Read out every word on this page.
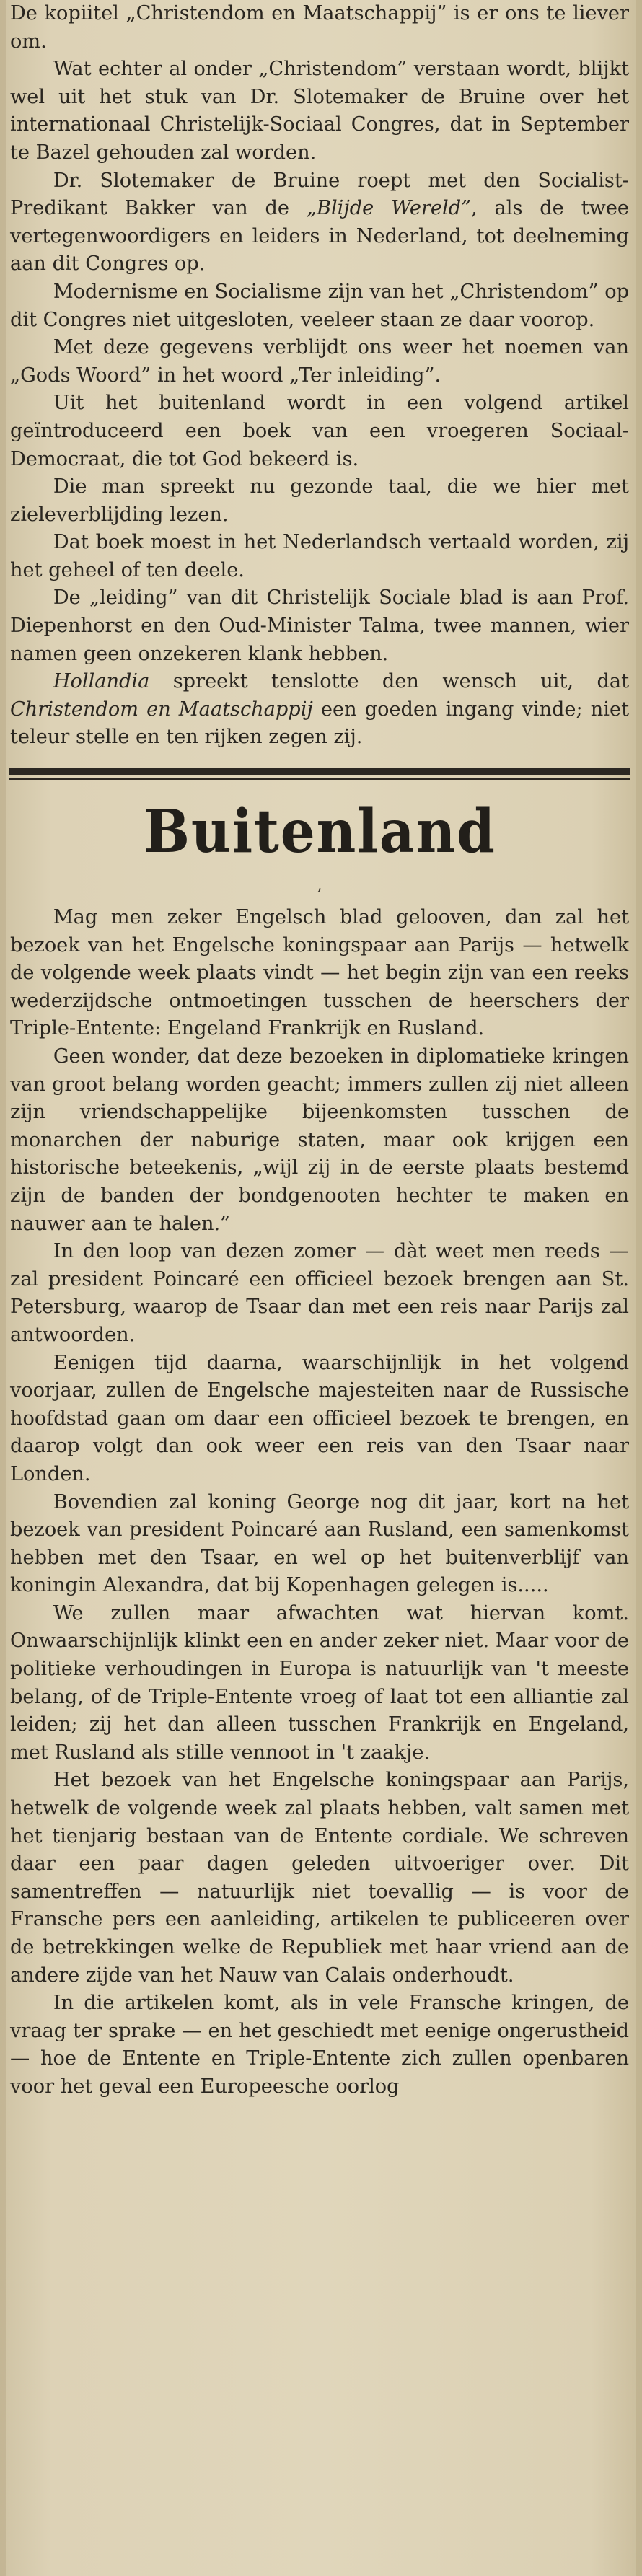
De kopiitel „Christendom en Maatschappij” is er ons te liever om.

Wat echter al onder „Christendom” verstaan wordt, blijkt wel uit het stuk van Dr. Slotemaker de Bruine over het internationaal Christelijk-Sociaal Congres, dat in September te Bazel gehouden zal worden.

Dr. Slotemaker de Bruine roept met den Socialist-Predikant Bakker van de „Blijde Wereld”, als de twee vertegenwoordigers en leiders in Nederland, tot deelneming aan dit Congres op.

Modernisme en Socialisme zijn van het „Christendom” op dit Congres niet uitgesloten, veeleer staan ze daar voorop.

Met deze gegevens verblijdt ons weer het noemen van „Gods Woord” in het woord „Ter inleiding”.

Uit het buitenland wordt in een volgend artikel geïntroduceerd een boek van een vroegeren Sociaal-Democraat, die tot God bekeerd is.

Die man spreekt nu gezonde taal, die we hier met zieleverblijding lezen.

Dat boek moest in het Nederlandsch vertaald worden, zij het geheel of ten deele.

De „leiding” van dit Christelijk Sociale blad is aan Prof. Diepenhorst en den Oud-Minister Talma, twee mannen, wier namen geen onzekeren klank hebben.

Hollandia spreekt tenslotte den wensch uit, dat Christendom en Maatschappij een goeden ingang vinde; niet teleur stelle en ten rijken zegen zij.

Buitenland
‚

Mag men zeker Engelsch blad gelooven, dan zal het bezoek van het Engelsche koningspaar aan Parijs — hetwelk de volgende week plaats vindt — het begin zijn van een reeks wederzijdsche ontmoetingen tusschen de heerschers der Triple-Entente: Engeland Frankrijk en Rusland.

Geen wonder, dat deze bezoeken in diplomatieke kringen van groot belang worden geacht; immers zullen zij niet alleen zijn vriendschappelijke bijeenkomsten tusschen de monarchen der naburige staten, maar ook krijgen een historische beteekenis, „wijl zij in de eerste plaats bestemd zijn de banden der bondgenooten hechter te maken en nauwer aan te halen.”

In den loop van dezen zomer — dàt weet men reeds — zal president Poincaré een officieel bezoek brengen aan St. Petersburg, waarop de Tsaar dan met een reis naar Parijs zal antwoorden.

Eenigen tijd daarna, waarschijnlijk in het volgend voorjaar, zullen de Engelsche majesteiten naar de Russische hoofdstad gaan om daar een officieel bezoek te brengen, en daarop volgt dan ook weer een reis van den Tsaar naar Londen.

Bovendien zal koning George nog dit jaar, kort na het bezoek van president Poincaré aan Rusland, een samenkomst hebben met den Tsaar, en wel op het buitenverblijf van koningin Alexandra, dat bij Kopenhagen gelegen is.....

We zullen maar afwachten wat hiervan komt. Onwaarschijnlijk klinkt een en ander zeker niet. Maar voor de politieke verhoudingen in Europa is natuurlijk van 't meeste belang, of de Triple-Entente vroeg of laat tot een alliantie zal leiden; zij het dan alleen tusschen Frankrijk en Engeland, met Rusland als stille vennoot in 't zaakje.

Het bezoek van het Engelsche koningspaar aan Parijs, hetwelk de volgende week zal plaats hebben, valt samen met het tienjarig bestaan van de Entente cordiale. We schreven daar een paar dagen geleden uitvoeriger over. Dit samentreffen — natuurlijk niet toevallig — is voor de Fransche pers een aanleiding, artikelen te publiceeren over de betrekkingen welke de Republiek met haar vriend aan de andere zijde van het Nauw van Calais onderhoudt.

In die artikelen komt, als in vele Fransche kringen, de vraag ter sprake — en het geschiedt met eenige ongerustheid — hoe de Entente en Triple-Entente zich zullen openbaren voor het geval een Europeesche oorlog
